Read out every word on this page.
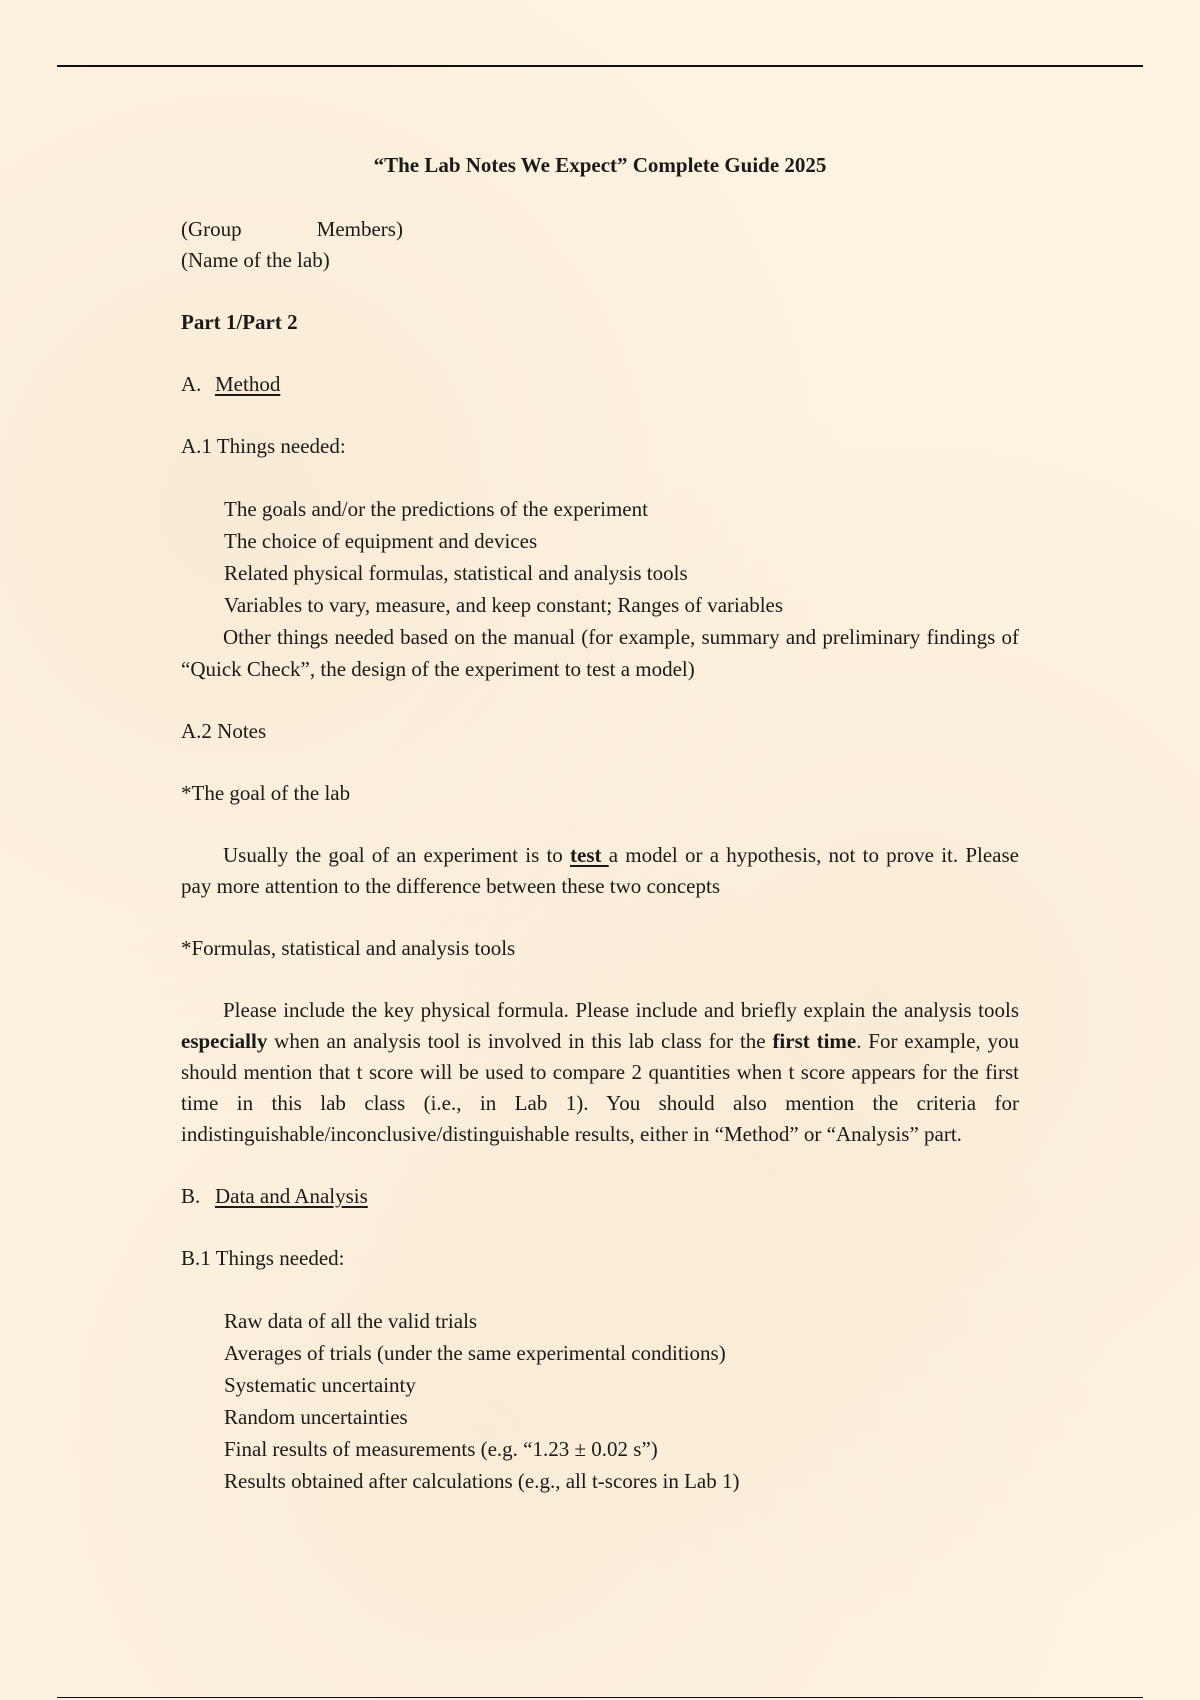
“The Lab Notes We Expect” Complete Guide 2025

(Group	Members)

(Name of the lab)

Part 1/Part 2

A. Method

A.1 Things needed:

The goals and/or the predictions of the experiment

The choice of equipment and devices

Related physical formulas, statistical and analysis tools

Variables to vary, measure, and keep constant; Ranges of variables

Other things needed based on the manual (for example, summary and preliminary findings of “Quick Check”, the design of the experiment to test a model)

A.2 Notes

*The goal of the lab

Usually the goal of an experiment is to test a model or a hypothesis, not to prove it. Please pay more attention to the difference between these two concepts

*Formulas, statistical and analysis tools

Please include the key physical formula. Please include and briefly explain the analysis tools especially when an analysis tool is involved in this lab class for the first time. For example, you should mention that t score will be used to compare 2 quantities when t score appears for the first time in this lab class (i.e., in Lab 1). You should also mention the criteria for indistinguishable/inconclusive/distinguishable results, either in “Method” or “Analysis” part.

B. Data and Analysis

B.1 Things needed:

Raw data of all the valid trials

Averages of trials (under the same experimental conditions)

Systematic uncertainty

Random uncertainties

Final results of measurements (e.g. “1.23 ± 0.02 s”)

Results obtained after calculations (e.g., all t-scores in Lab 1)
